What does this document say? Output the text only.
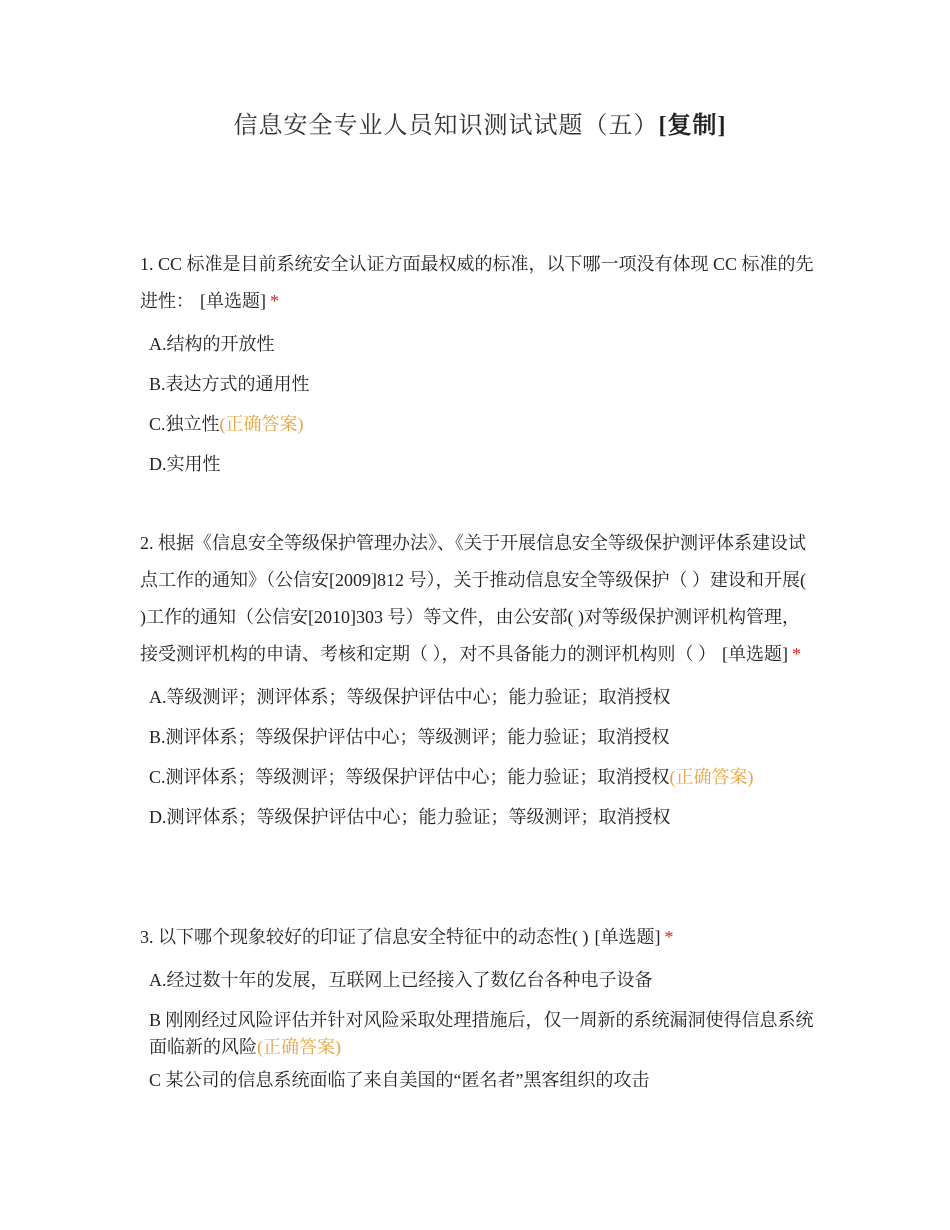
信息安全专业人员知识测试试题（五）[复制]

1. CC 标准是目前系统安全认证方面最权威的标准，以下哪一项没有体现 CC 标准的先进性： [单选题] *

A.结构的开放性
B.表达方式的通用性
C.独立性(正确答案)
D.实用性

2. 根据《信息安全等级保护管理办法》、《关于开展信息安全等级保护测评体系建设试点工作的通知》（公信安[2009]812 号），关于推动信息安全等级保护（ ）建设和开展( )工作的通知（公信安[2010]303 号）等文件，由公安部( )对等级保护测评机构管理，接受测评机构的申请、考核和定期（ ），对不具备能力的测评机构则（ ） [单选题] *

A.等级测评；测评体系；等级保护评估中心；能力验证；取消授权
B.测评体系；等级保护评估中心；等级测评；能力验证；取消授权
C.测评体系；等级测评；等级保护评估中心；能力验证；取消授权(正确答案)
D.测评体系；等级保护评估中心；能力验证；等级测评；取消授权

3. 以下哪个现象较好的印证了信息安全特征中的动态性( ) [单选题] *

A.经过数十年的发展，互联网上已经接入了数亿台各种电子设备
B 刚刚经过风险评估并针对风险采取处理措施后，仅一周新的系统漏洞使得信息系统面临新的风险(正确答案)
C 某公司的信息系统面临了来自美国的“匿名者”黑客组织的攻击
